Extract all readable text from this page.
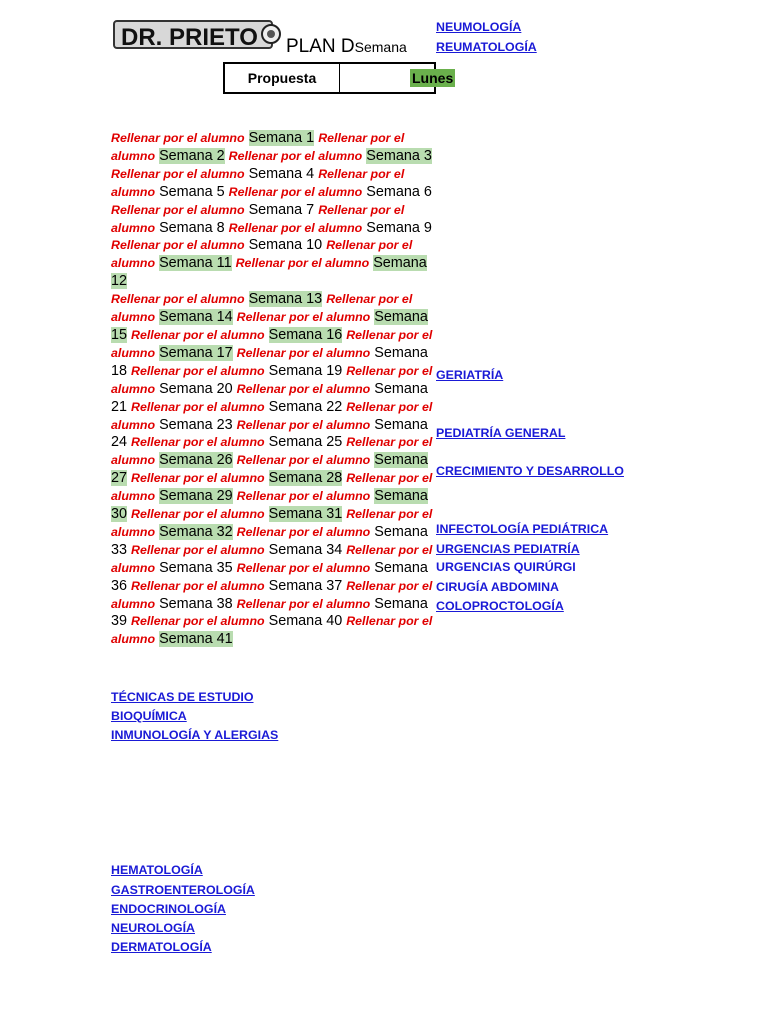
DR. PRIETO PLAN DSemana
Propuesta	Lunes
Rellenar por el alumno Semana 1 Rellenar por el alumno Semana 2 Rellenar por el alumno Semana 3 Rellenar por el alumno Semana 4 Rellenar por el alumno Semana 5 Rellenar por el alumno Semana 6 Rellenar por el alumno Semana 7 Rellenar por el alumno Semana 8 Rellenar por el alumno Semana 9 Rellenar por el alumno Semana 10 Rellenar por el alumno Semana 11 Rellenar por el alumno Semana 12
Rellenar por el alumno Semana 13 Rellenar por el alumno Semana 14 Rellenar por el alumno Semana 15 Rellenar por el alumno Semana 16 Rellenar por el alumno Semana 17 Rellenar por el alumno Semana 18 Rellenar por el alumno Semana 19 Rellenar por el alumno Semana 20 Rellenar por el alumno Semana 21 Rellenar por el alumno Semana 22 Rellenar por el alumno Semana 23 Rellenar por el alumno Semana 24 Rellenar por el alumno Semana 25 Rellenar por el alumno Semana 26 Rellenar por el alumno Semana 27 Rellenar por el alumno Semana 28 Rellenar por el alumno Semana 29 Rellenar por el alumno Semana 30 Rellenar por el alumno Semana 31 Rellenar por el alumno Semana 32 Rellenar por el alumno Semana 33 Rellenar por el alumno Semana 34 Rellenar por el alumno Semana 35 Rellenar por el alumno Semana 36 Rellenar por el alumno Semana 37 Rellenar por el alumno Semana 38 Rellenar por el alumno Semana 39 Rellenar por el alumno Semana 40 Rellenar por el alumno Semana 41
NEUMOLOGÍA
REUMATOLOGÍA
GERIATRÍA
PEDIATRÍA GENERAL
CRECIMIENTO Y DESARROLLO
INFECTOLOGÍA PEDIÁTRICA
URGENCIAS PEDIATRÍA
URGENCIAS QUIRÚRGI
CIRUGÍA ABDOMINA
COLOPROCTOLOGÍA
TÉCNICAS DE ESTUDIO
BIOQUÍMICA
INMUNOLOGÍA Y ALERGIAS
HEMATOLOGÍA
GASTROENTEROLOGÍA
ENDOCRINOLOGÍA
NEUROLOGÍA
DERMATOLOGÍA
